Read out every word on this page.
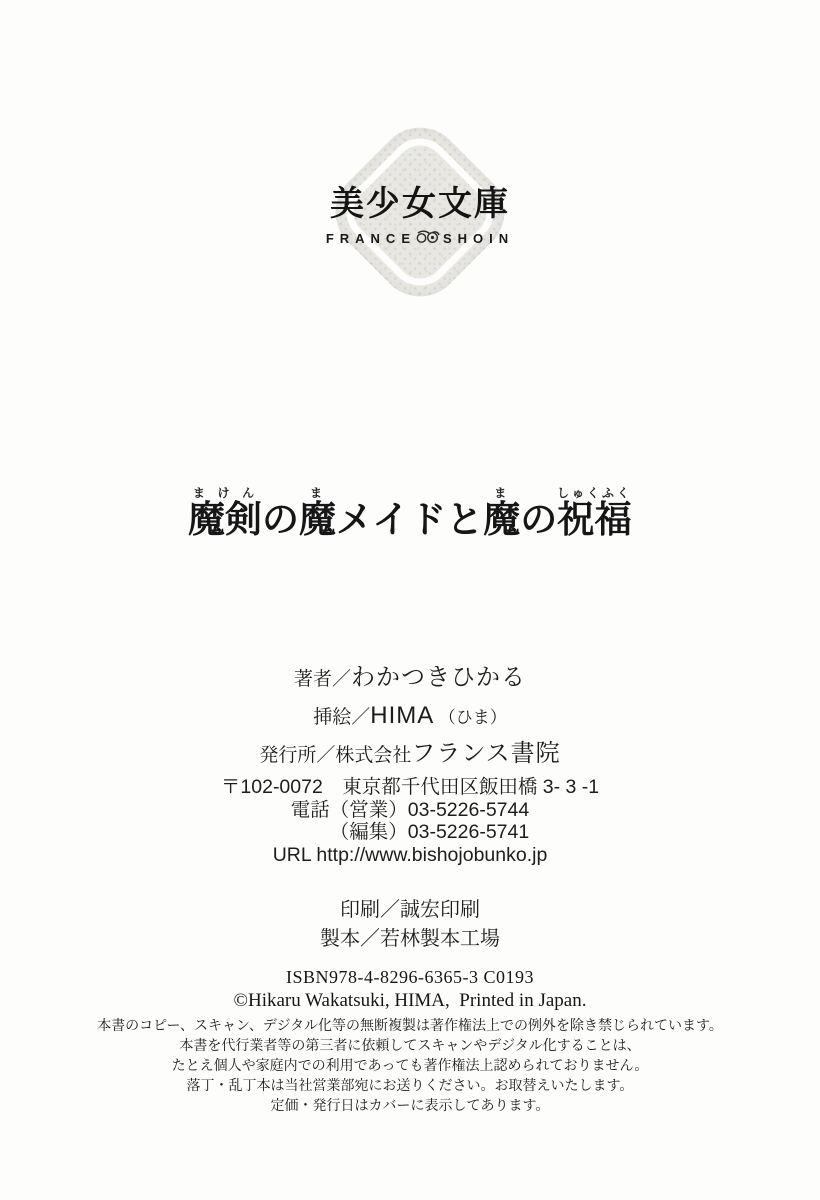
美少女文庫
FRANCE SHOIN
魔剣まけんの魔まメイドと魔まの祝福しゅくふく
著者／わかつきひかる
挿絵／HIMA （ひま）
発行所／株式会社フランス書院
〒102-0072　東京都千代田区飯田橋 3- 3 -1
電話（営業）03-5226-5744
（編集）03-5226-5741
URL http://www.bishojobunko.jp
印刷／誠宏印刷
製本／若林製本工場
ISBN978-4-8296-6365-3 C0193
©Hikaru Wakatsuki, HIMA,  Printed in Japan.
本書のコピー、スキャン、デジタル化等の無断複製は著作権法上での例外を除き禁じられています。
本書を代行業者等の第三者に依頼してスキャンやデジタル化することは、
たとえ個人や家庭内での利用であっても著作権法上認められておりません。
落丁・乱丁本は当社営業部宛にお送りください。お取替えいたします。
定価・発行日はカバーに表示してあります。
